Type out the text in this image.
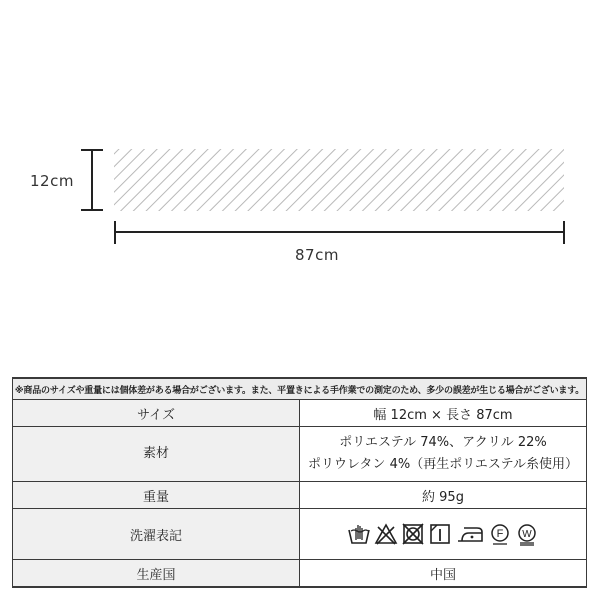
12cm
87cm
※商品のサイズや重量には個体差がある場合がございます。また、平置きによる手作業での測定のため、多少の誤差が生じる場合がございます。	
サイズ	幅 12cm × 長さ 87cm
素材	ポリエステル 74%、アクリル 22%
ポリウレタン 4%（再生ポリエステル糸使用）

重量	約 95g
洗濯表記	F W

生産国	中国
